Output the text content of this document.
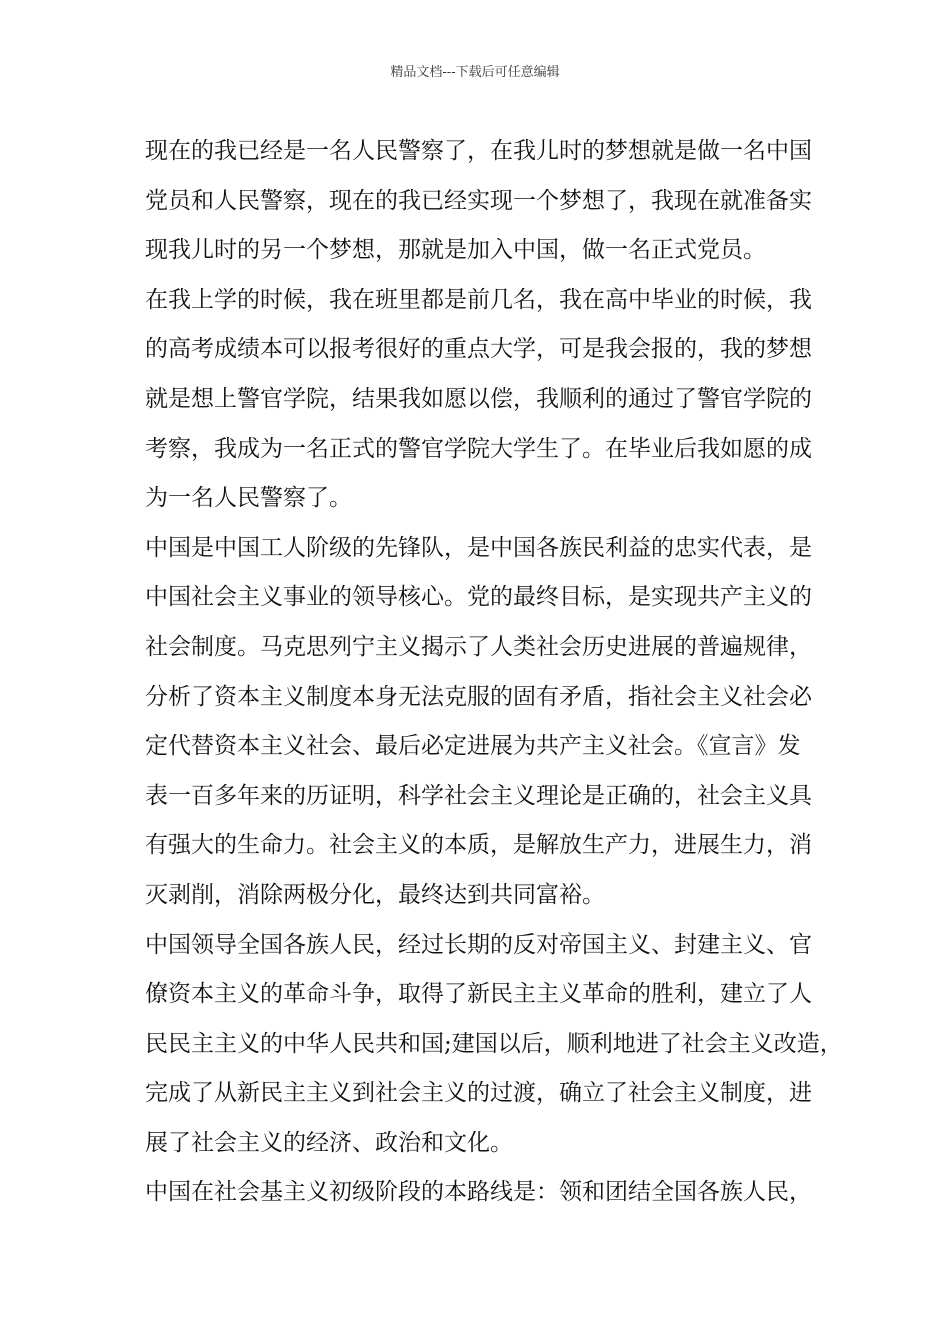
精品文档---下载后可任意编辑
现在的我已经是一名人民警察了，在我儿时的梦想就是做一名中国
党员和人民警察，现在的我已经实现一个梦想了，我现在就准备实
现我儿时的另一个梦想，那就是加入中国，做一名正式党员。
在我上学的时候，我在班里都是前几名，我在高中毕业的时候，我
的高考成绩本可以报考很好的重点大学，可是我会报的，我的梦想
就是想上警官学院，结果我如愿以偿，我顺利的通过了警官学院的
考察，我成为一名正式的警官学院大学生了。在毕业后我如愿的成
为一名人民警察了。
中国是中国工人阶级的先锋队，是中国各族民利益的忠实代表，是
中国社会主义事业的领导核心。党的最终目标，是实现共产主义的
社会制度。马克思列宁主义揭示了人类社会历史进展的普遍规律，
分析了资本主义制度本身无法克服的固有矛盾，指社会主义社会必
定代替资本主义社会、最后必定进展为共产主义社会。《宣言》发
表一百多年来的历证明，科学社会主义理论是正确的，社会主义具
有强大的生命力。社会主义的本质，是解放生产力，进展生力，消
灭剥削，消除两极分化，最终达到共同富裕。
中国领导全国各族人民，经过长期的反对帝国主义、封建主义、官
僚资本主义的革命斗争，取得了新民主主义革命的胜利，建立了人
民民主主义的中华人民共和国;建国以后，顺利地进了社会主义改造，
完成了从新民主主义到社会主义的过渡，确立了社会主义制度，进
展了社会主义的经济、政治和文化。
中国在社会基主义初级阶段的本路线是：领和团结全国各族人民，
